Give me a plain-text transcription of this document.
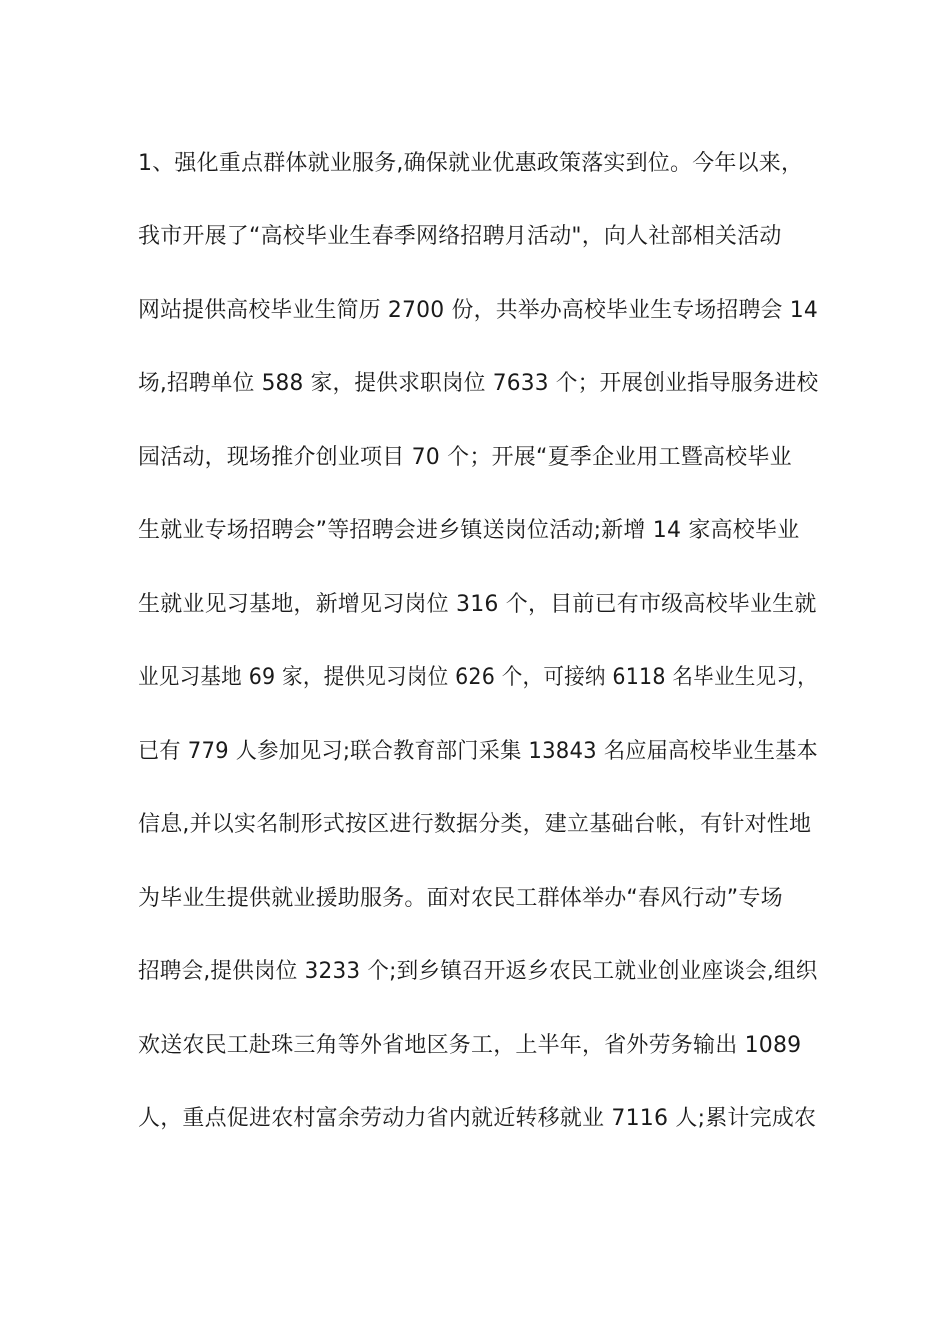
1、强化重点群体就业服务,确保就业优惠政策落实到位。今年以来，
我市开展了“高校毕业生春季网络招聘月活动"，向人社部相关活动
网站提供高校毕业生简历 2700 份，共举办高校毕业生专场招聘会 14
场,招聘单位 588 家，提供求职岗位 7633 个；开展创业指导服务进校
园活动，现场推介创业项目 70 个；开展“夏季企业用工暨高校毕业
生就业专场招聘会”等招聘会进乡镇送岗位活动;新增 14 家高校毕业
生就业见习基地，新增见习岗位 316 个，目前已有市级高校毕业生就
业见习基地 69 家，提供见习岗位 626 个，可接纳 6118 名毕业生见习，
已有 779 人参加见习;联合教育部门采集 13843 名应届高校毕业生基本
信息,并以实名制形式按区进行数据分类，建立基础台帐，有针对性地
为毕业生提供就业援助服务。面对农民工群体举办“春风行动”专场
招聘会,提供岗位 3233 个;到乡镇召开返乡农民工就业创业座谈会,组织
欢送农民工赴珠三角等外省地区务工，上半年，省外劳务输出 1089
人，重点促进农村富余劳动力省内就近转移就业 7116 人;累计完成农
